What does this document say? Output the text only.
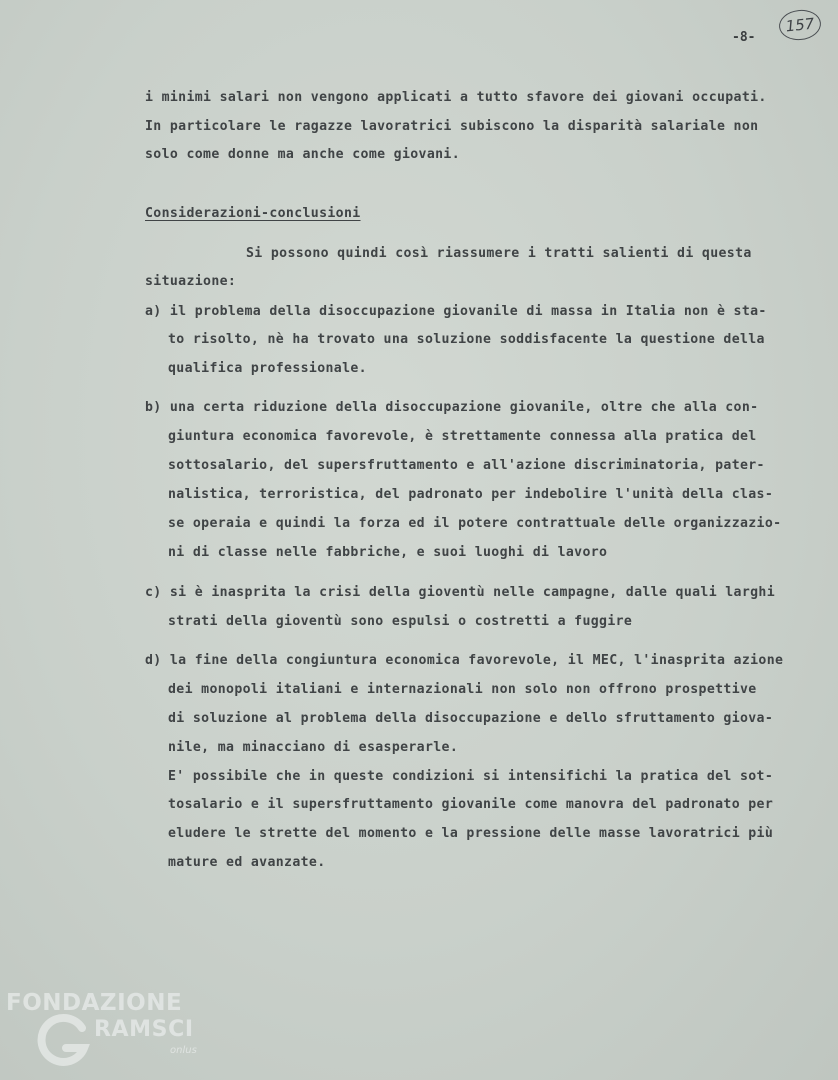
-8-
157
i minimi salari non vengono applicati a tutto sfavore dei giovani occupati.
In particolare le ragazze lavoratrici subiscono la disparità salariale non
solo come donne ma anche come giovani.
Considerazioni-conclusioni
Si possono quindi così riassumere i tratti salienti di questa
situazione:
a) il problema della disoccupazione giovanile di massa in Italia non è sta-
to risolto, nè ha trovato una soluzione soddisfacente la questione della
qualifica professionale.
b) una certa riduzione della disoccupazione giovanile, oltre che alla con-
giuntura economica favorevole, è strettamente connessa alla pratica del
sottosalario, del supersfruttamento e all'azione discriminatoria, pater-
nalistica, terroristica, del padronato per indebolire l'unità della clas-
se operaia e quindi la forza ed il potere contrattuale delle organizzazio-
ni di classe nelle fabbriche, e suoi luoghi di lavoro
c) si è inasprita la crisi della gioventù nelle campagne, dalle quali larghi
strati della gioventù sono espulsi o costretti a fuggire
d) la fine della congiuntura economica favorevole, il MEC, l'inasprita azione
dei monopoli italiani e internazionali non solo non offrono prospettive
di soluzione al problema della disoccupazione e dello sfruttamento giova-
nile, ma minacciano di esasperarle.
E' possibile che in queste condizioni si intensifichi la pratica del sot-
tosalario e il supersfruttamento giovanile come manovra del padronato per
eludere le strette del momento e la pressione delle masse lavoratrici più
mature ed avanzate.
FONDAZIONE
RAMSCI
onlus
